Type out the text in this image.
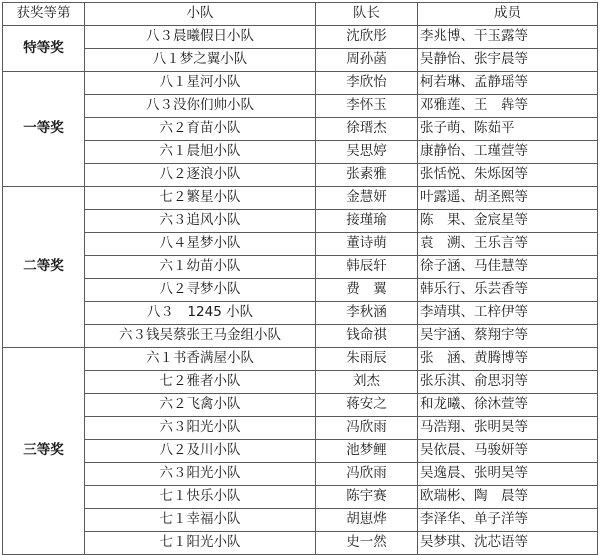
获奖等第	小队	队长	成员
特等奖	八３晨曦假日小队	沈欣彤	李兆博、干玉露等
	八１梦之翼小队	周孙菡	吴静怡、张宇晨等
一等奖	八１星河小队	李欣怡	柯若琳、孟静瑶等
	八３没你们帅小队	李怀玉	邓雅莲、王　犇等
	六２育苗小队	徐瑨杰	张子萌、陈茹平
	六１晨旭小队	吴思婷	康静怡、工瑾萱等
	八２逐浪小队	张素雅	张恬悦、朱烁囡等
二等奖	七２繁星小队	金慧妍	叶露遥、胡圣熙等
	六３追风小队	接瑾瑜	陈　果、金宸星等
	八４星梦小队	董诗萌	袁　溯、王乐言等
	六１幼苗小队	韩辰轩	徐子涵、马佳慧等
	八２寻梦小队	费　翼	韩乐行、乐芸香等
	八３　1245 小队	李秋涵	李靖琪、工梓伊等
	六３钱吴蔡张王马金组小队	钱命祺	吴宇涵、蔡翔宇等
三等奖	六１书香满屋小队	朱雨辰	张　涵、黄腾博等
	七２雅者小队	刘杰	张乐淇、俞思羽等
	六２飞禽小队	蒋安之	和龙曦、徐沐萱等
	六３阳光小队	冯欣雨	马浩翔、张明昊等
	八２及川小队	池梦鲤	吴依晨、马骏妍等
	六３阳光小队	冯欣雨	吴逸晨、张明昊等
	七１快乐小队	陈宇赛	欧瑞彬、陶　晨等
	七１幸福小队	胡崽烨	李泽华、单子洋等
	七１阳光小队	史一然	吴梦琪、沈芯语等
